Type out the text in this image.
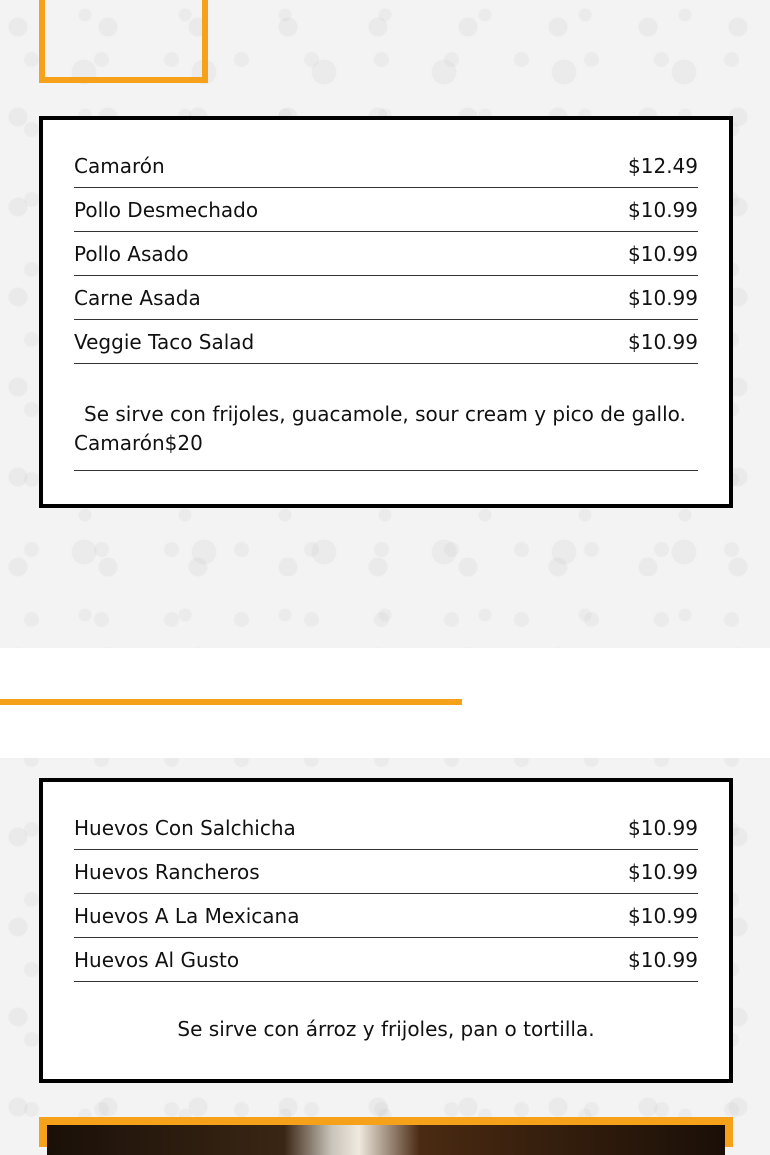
Camarón	$12.49
Pollo Desmechado	$10.99
Pollo Asado	$10.99
Carne Asada	$10.99
Veggie Taco Salad	$10.99
Se sirve con frijoles, guacamole, sour cream y pico de gallo.
Camarón$20
Huevos Con Salchicha	$10.99
Huevos Rancheros	$10.99
Huevos A La Mexicana	$10.99
Huevos Al Gusto	$10.99
Se sirve con árroz y frijoles, pan o tortilla.
